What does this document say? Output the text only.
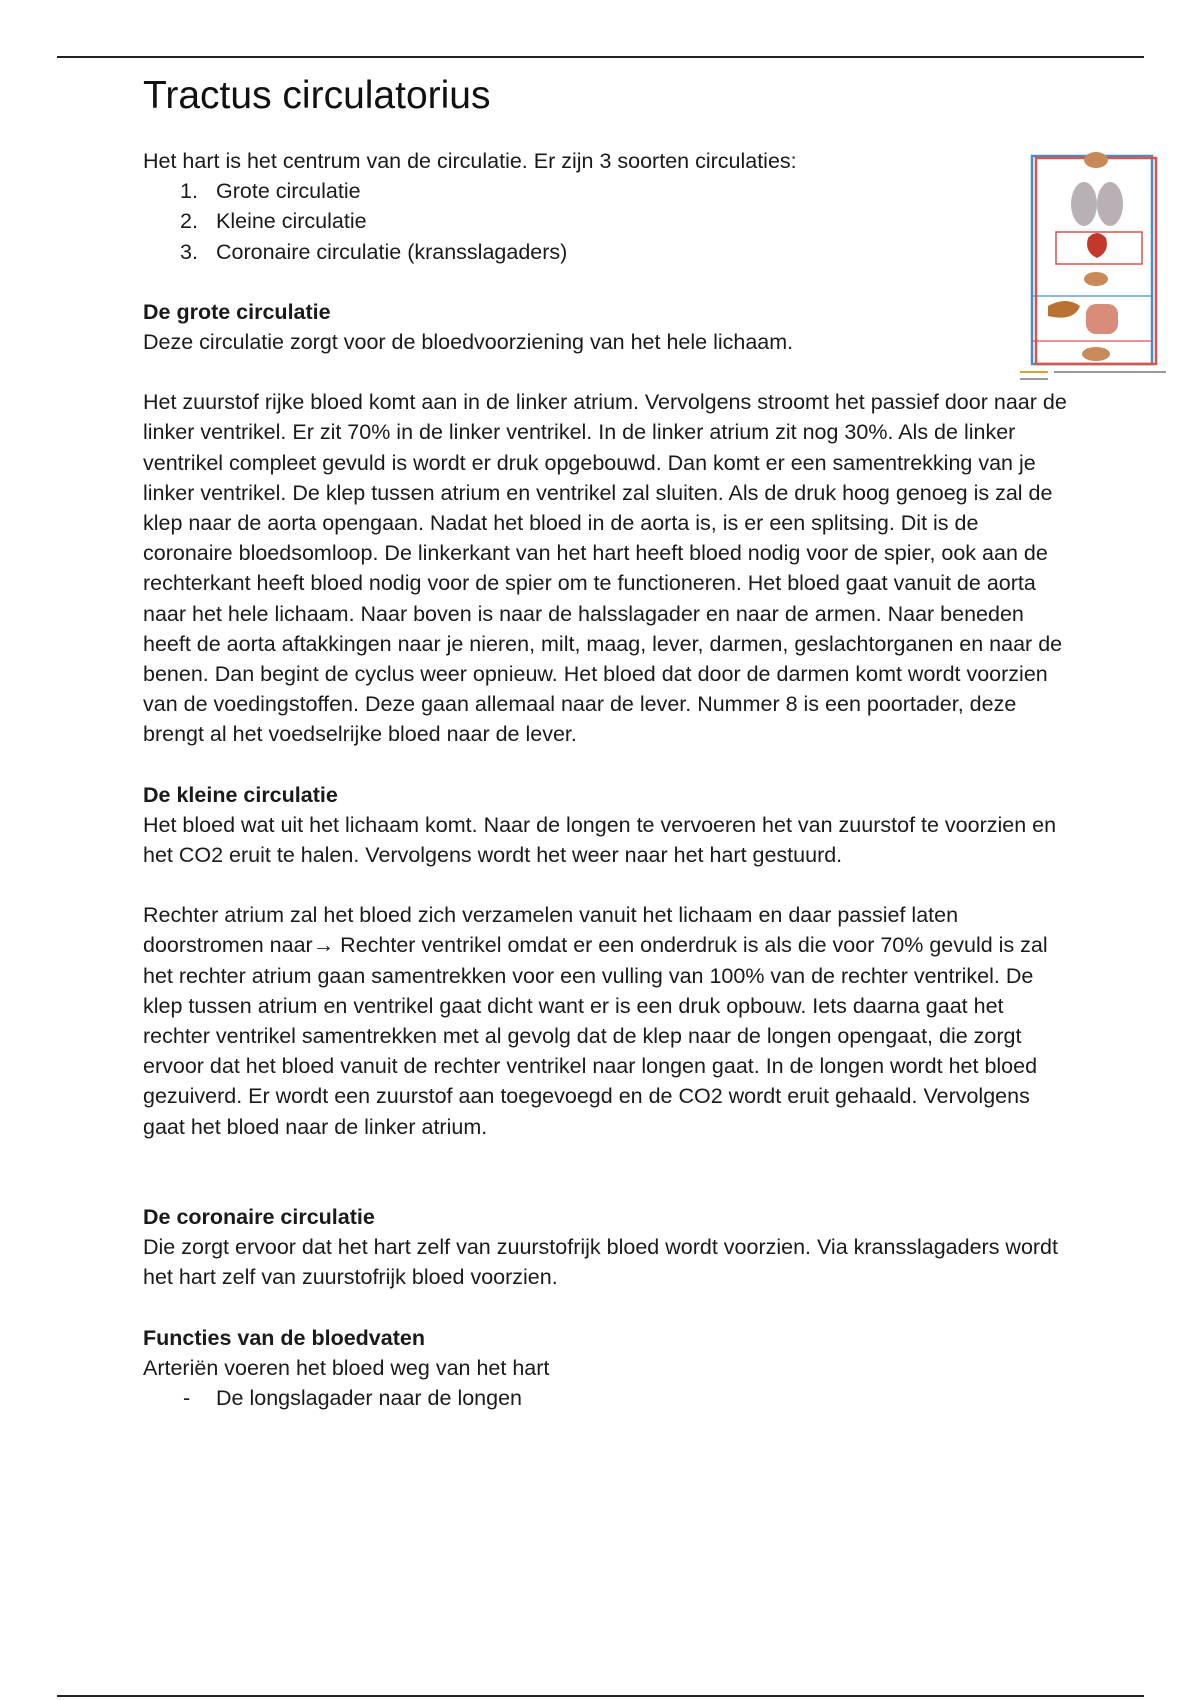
Tractus circulatorius

Het hart is het centrum van de circulatie. Er zijn 3 soorten circulaties:

1. Grote circulatie
2. Kleine circulatie
3. Coronaire circulatie (kransslagaders)
De grote circulatie

Deze circulatie zorgt voor de bloedvoorziening van het hele lichaam.

Het zuurstof rijke bloed komt aan in de linker atrium. Vervolgens stroomt het passief door naar de linker ventrikel. Er zit 70% in de linker ventrikel. In de linker atrium zit nog 30%. Als de linker ventrikel compleet gevuld is wordt er druk opgebouwd. Dan komt er een samentrekking van je linker ventrikel. De klep tussen atrium en ventrikel zal sluiten. Als de druk hoog genoeg is zal de klep naar de aorta opengaan. Nadat het bloed in de aorta is, is er een splitsing. Dit is de coronaire bloedsomloop. De linkerkant van het hart heeft bloed nodig voor de spier, ook aan de rechterkant heeft bloed nodig voor de spier om te functioneren. Het bloed gaat vanuit de aorta naar het hele lichaam. Naar boven is naar de halsslagader en naar de armen. Naar beneden heeft de aorta aftakkingen naar je nieren, milt, maag, lever, darmen, geslachtorganen en naar de benen. Dan begint de cyclus weer opnieuw. Het bloed dat door de darmen komt wordt voorzien van de voedingstoffen. Deze gaan allemaal naar de lever. Nummer 8 is een poortader, deze brengt al het voedselrijke bloed naar de lever.

De kleine circulatie

Het bloed wat uit het lichaam komt. Naar de longen te vervoeren het van zuurstof te voorzien en het CO2 eruit te halen. Vervolgens wordt het weer naar het hart gestuurd.

Rechter atrium zal het bloed zich verzamelen vanuit het lichaam en daar passief laten doorstromen naar→ Rechter ventrikel omdat er een onderdruk is als die voor 70% gevuld is zal het rechter atrium gaan samentrekken voor een vulling van 100% van de rechter ventrikel. De klep tussen atrium en ventrikel gaat dicht want er is een druk opbouw. Iets daarna gaat het rechter ventrikel samentrekken met al gevolg dat de klep naar de longen opengaat, die zorgt ervoor dat het bloed vanuit de rechter ventrikel naar longen gaat. In de longen wordt het bloed gezuiverd. Er wordt een zuurstof aan toegevoegd en de CO2 wordt eruit gehaald. Vervolgens gaat het bloed naar de linker atrium.

De coronaire circulatie

Die zorgt ervoor dat het hart zelf van zuurstofrijk bloed wordt voorzien. Via kransslagaders wordt het hart zelf van zuurstofrijk bloed voorzien.

Functies van de bloedvaten

Arteriën voeren het bloed weg van het hart

- De longslagader naar de longen
